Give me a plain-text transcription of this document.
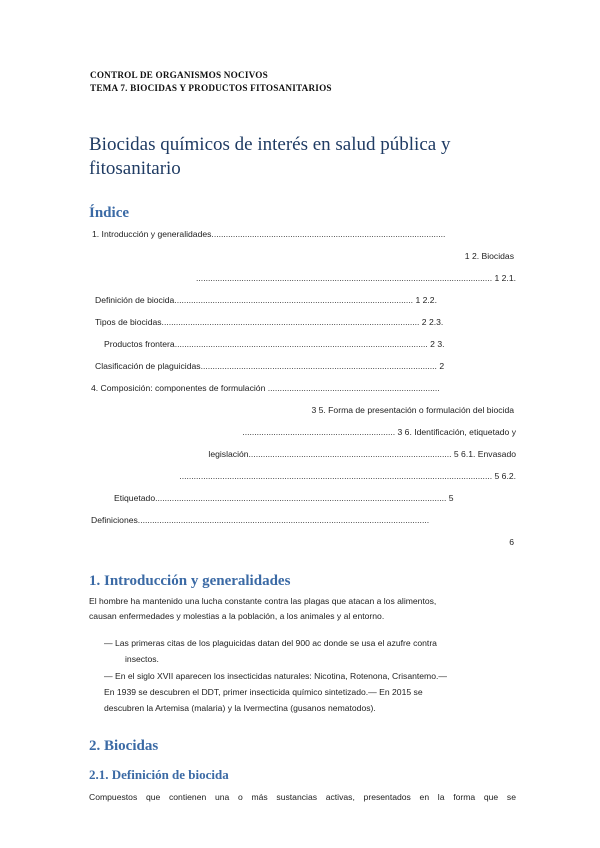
CONTROL DE ORGANISMOS NOCIVOS
TEMA 7. BIOCIDAS Y PRODUCTOS FITOSANITARIOS
Biocidas químicos de interés en salud pública y fitosanitario
Índice
1. Introducción y generalidades..................................................................................................
1 2. Biocidas
............................................................................................................................ 1 2.1.
Definición de biocida.................................................................................................... 1 2.2.
Tipos de biocidas............................................................................................................ 2 2.3.
Productos frontera.......................................................................................................... 2 3.
Clasificación de plaguicidas................................................................................................... 2
4. Composición: componentes de formulación ........................................................................
3 5. Forma de presentación o formulación del biocida
................................................................ 3 6. Identificación, etiquetado y
legislación..................................................................................... 5 6.1. Envasado
................................................................................................................................... 5 6.2.
Etiquetado.......................................................................................................................... 5
Definiciones..........................................................................................................................
6
1. Introducción y generalidades
El hombre ha mantenido una lucha constante contra las plagas que atacan a los alimentos,
causan enfermedades y molestias a la población, a los animales y al entorno.
— Las primeras citas de los plaguicidas datan del 900 ac donde se usa el azufre contra
insectos.
— En el siglo XVII aparecen los insecticidas naturales: Nicotina, Rotenona, Crisantemo.—
En 1939 se descubren el DDT, primer insecticida químico sintetizado.— En 2015 se
descubren la Artemisa (malaria) y la Ivermectina (gusanos nematodos).
2. Biocidas
2.1. Definición de biocida
Compuestos que contienen una o más sustancias activas, presentados en la forma que se
